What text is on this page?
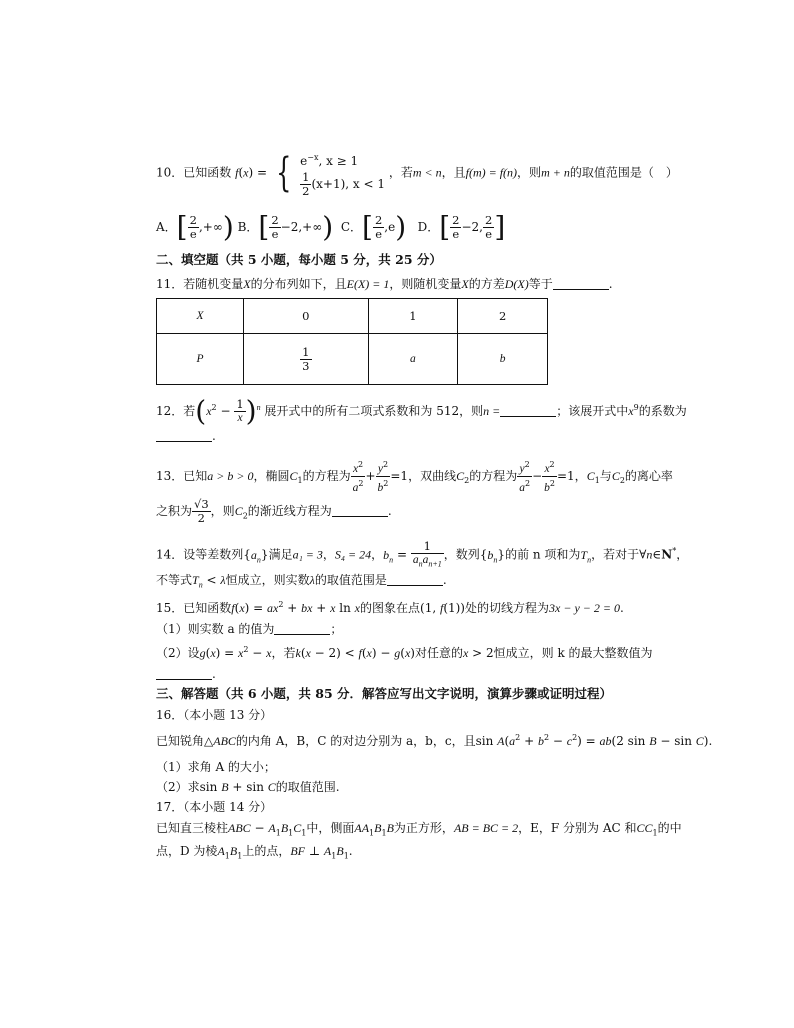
10．已知函数 f(x) = { $e^{-x}$, x ≥ 1
$\frac{1}{2} (x+1)$, x < 1
，若m < n，且f(m) = f(n)，则m + n的取值范围是（　）
A．[ $\frac{2}{e}$ ,+∞) B．[ $\frac{2}{e} -2,+\infty$) C．[ $\frac{2}{e} ,e$) D．[ $\frac{2}{e} -2$, $\frac{2}{e}$ ]
二、填空题（共 5 小题，每小题 5 分，共 25 分）
11．若随机变量X的分布列如下，且E(X) = 1，则随机变量X的方差D(X)等于	.
X	0	1	2
P	$\frac{1}{3}$	a	b
12．若$(x^2 - \frac{1}{x} )^n$ 展开式中的所有二项式系数和为 512，则n =	；该展开式中$x^9$的系数为
.
13．已知a > b > 0，椭圆$C_1$的方程为 $\frac{x^2}{a^2} + \frac{y^2}{b^2} =1$，双曲线$C_2$的方程为 $\frac{y^2}{a^2} - \frac{x^2}{b^2} =1$，$C_1$与$C_2$的离心率
之积为 $\frac{√3}{2}$ ，则$C_2$的渐近线方程为	.
14．设等差数列$\{a_n\}$满足a₁ = 3，S₄ = 24，$b_n = \frac{1}{a_na_{n+1}}$ ，数列$\{b_n\}$的前 n 项和为$T_n$，若对于∀n∈N*，
不等式$T_n < \lambda$恒成立，则实数λ的取值范围是	.
15．已知函数$f(x) = ax^2$ + bx + x ln x的图象在点(1, f(1))处的切线方程为3x − y − 2 = 0.
（1）则实数 a 的值为	；
（2）设$g(x) = x^2 - x$，若k(x − 2) < f(x) − g(x)对任意的x > 2恒成立，则 k 的最大整数值为
.
三、解答题（共 6 小题，共 85 分．解答应写出文字说明，演算步骤或证明过程）
16．（本小题 13 分）
已知锐角△ABC的内角 A，B，C 的对边分别为 a，b，c，且$\sin A(a^2 + b^2 - c^2) = ab(2$ sin B − sin C).
（1）求角 A 的大小；
（2）求sin B + sin C的取值范围.
17．（本小题 14 分）
已知直三棱柱ABC − $A_1B_1C_1$中，侧面$AA_1B_1B$为正方形，AB = BC = 2，E，F 分别为 AC 和$CC_1$的中
点，D 为棱$A_1B_1$上的点，BF ⊥ $A_1B_1$.
